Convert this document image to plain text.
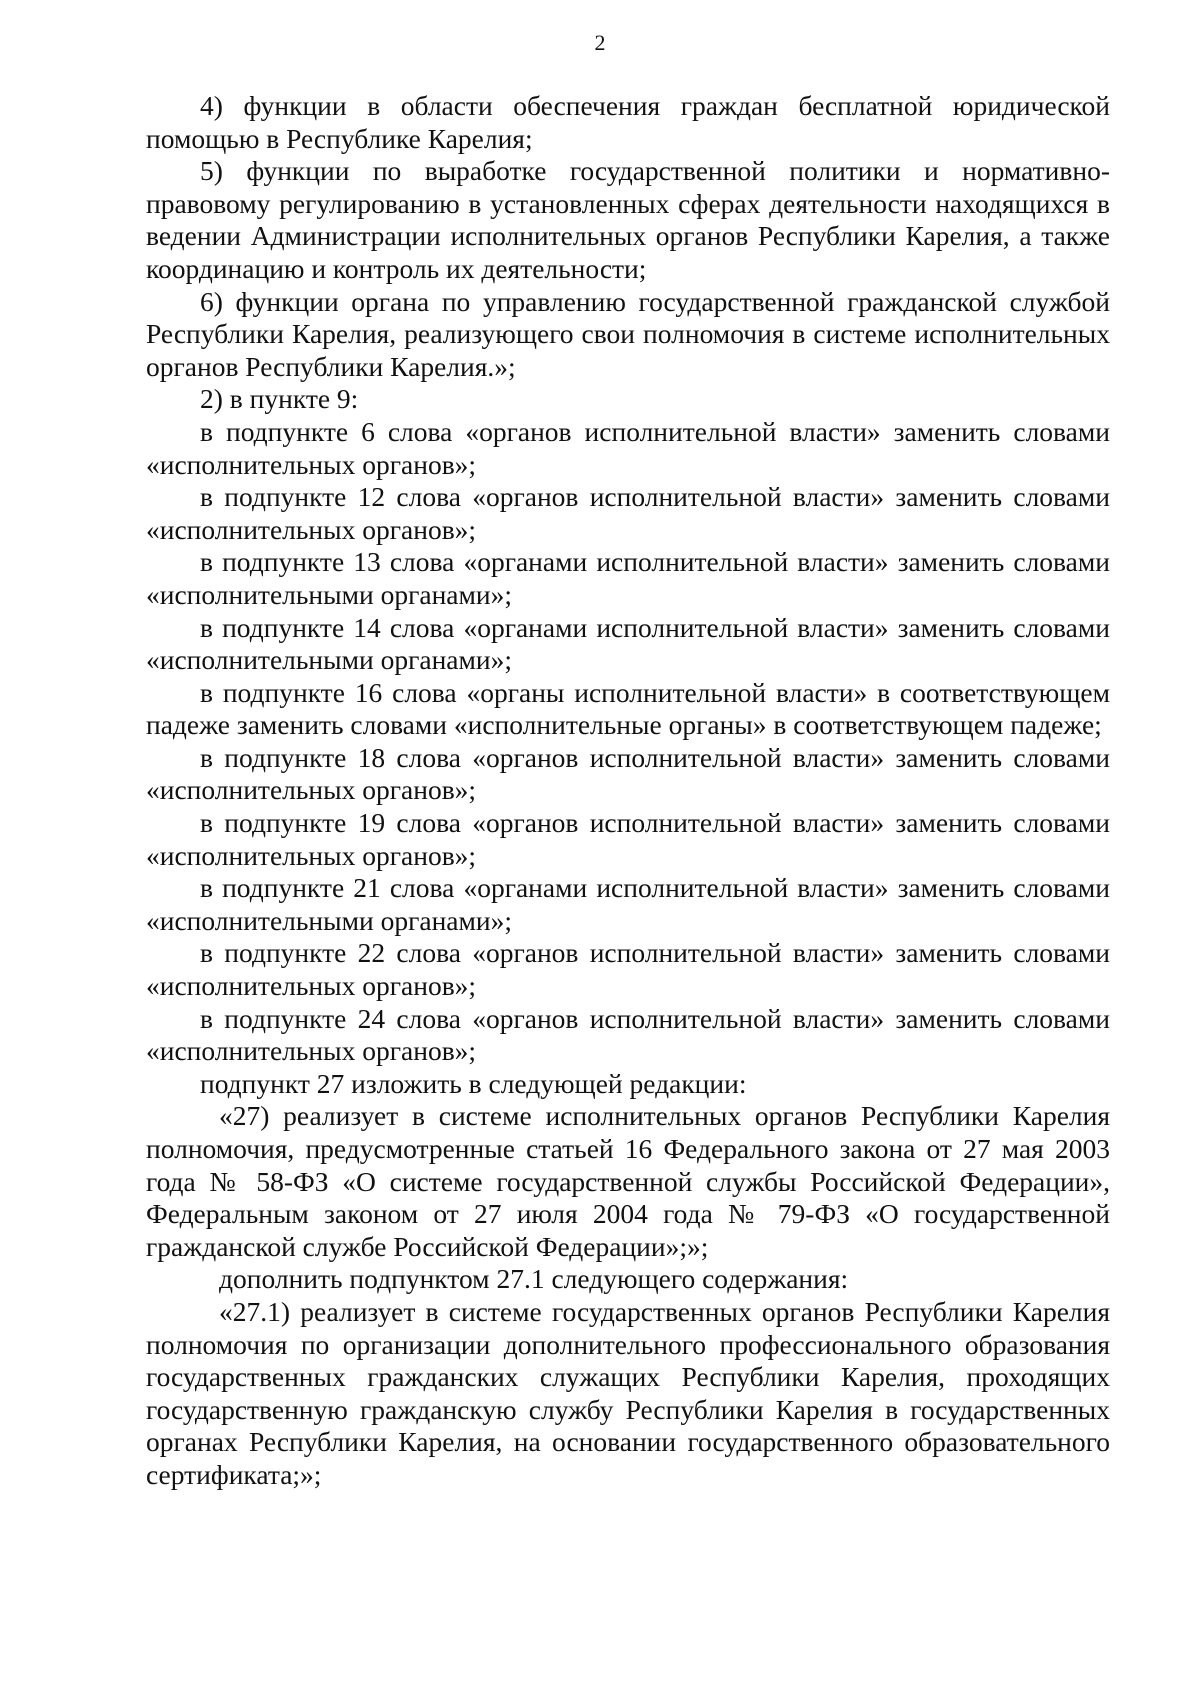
2

4) функции в области обеспечения граждан бесплатной юридической помощью в Республике Карелия;

5) функции по выработке государственной политики и нормативно-правовому регулированию в установленных сферах деятельности находящихся в ведении Администрации исполнительных органов Республики Карелия, а также координацию и контроль их деятельности;

6) функции органа по управлению государственной гражданской службой Республики Карелия, реализующего свои полномочия в системе исполнительных органов Республики Карелия.»;

2) в пункте 9:

в подпункте 6 слова «органов исполнительной власти» заменить словами «исполнительных органов»;

в подпункте 12 слова «органов исполнительной власти» заменить словами «исполнительных органов»;

в подпункте 13 слова «органами исполнительной власти» заменить словами «исполнительными органами»;

в подпункте 14 слова «органами исполнительной власти» заменить словами «исполнительными органами»;

в подпункте 16 слова «органы исполнительной власти» в соответствующем падеже заменить словами «исполнительные органы» в соответствующем падеже;

в подпункте 18 слова «органов исполнительной власти» заменить словами «исполнительных органов»;

в подпункте 19 слова «органов исполнительной власти» заменить словами «исполнительных органов»;

в подпункте 21 слова «органами исполнительной власти» заменить словами «исполнительными органами»;

в подпункте 22 слова «органов исполнительной власти» заменить словами «исполнительных органов»;

в подпункте 24 слова «органов исполнительной власти» заменить словами «исполнительных органов»;

подпункт 27 изложить в следующей редакции:

«27) реализует в системе исполнительных органов Республики Карелия полномочия, предусмотренные статьей 16 Федерального закона от 27 мая 2003 года № 58-ФЗ «О системе государственной службы Российской Федерации», Федеральным законом от 27 июля 2004 года № 79-ФЗ «О государственной гражданской службе Российской Федерации»;»;

дополнить подпунктом 27.1 следующего содержания:

«27.1) реализует в системе государственных органов Республики Карелия полномочия по организации дополнительного профессионального образования государственных гражданских служащих Республики Карелия, проходящих государственную гражданскую службу Республики Карелия в государственных органах Республики Карелия, на основании государственного образовательного сертификата;»;
